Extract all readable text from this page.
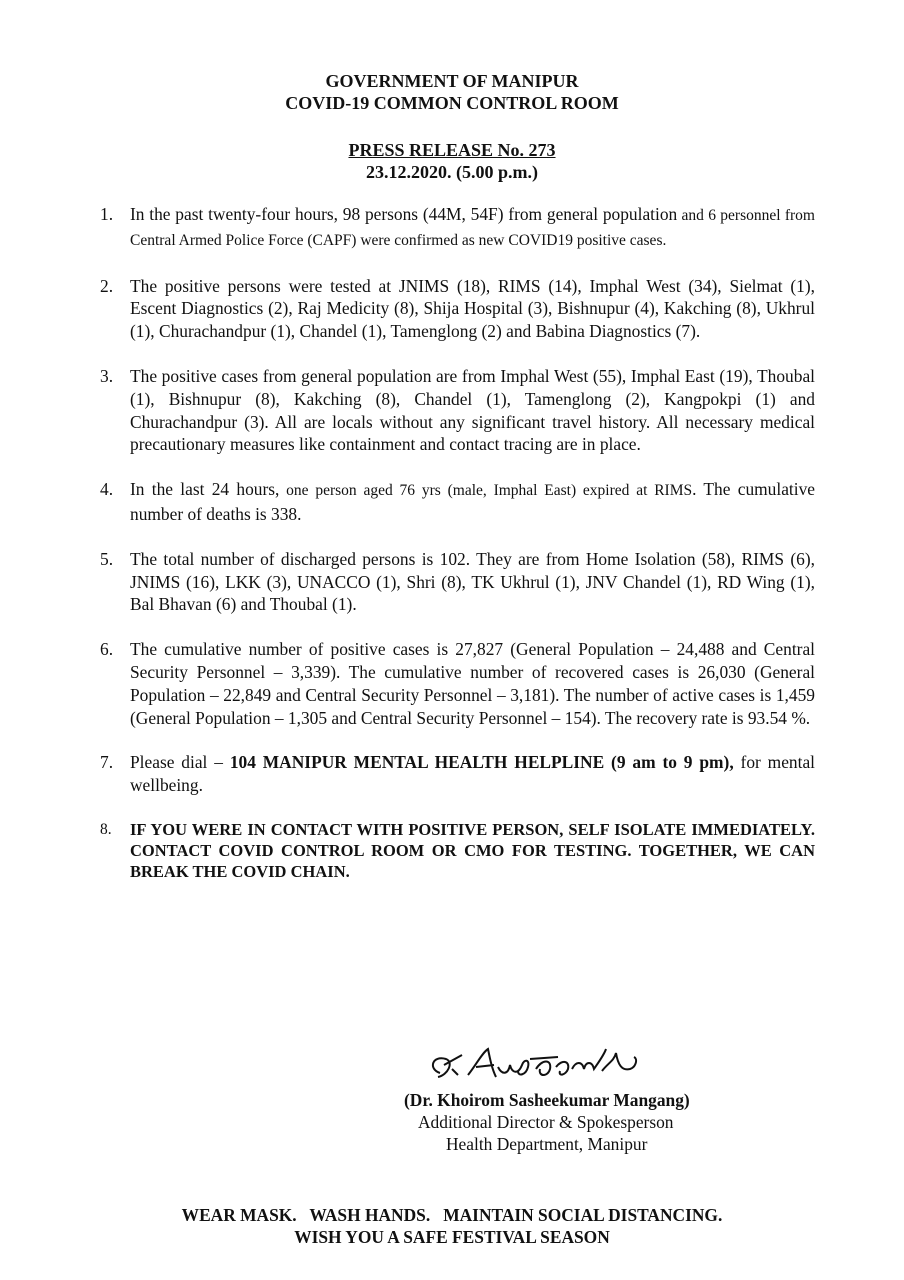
GOVERNMENT OF MANIPUR
COVID-19 COMMON CONTROL ROOM
PRESS RELEASE No. 273
23.12.2020. (5.00 p.m.)
1. In the past twenty-four hours, 98 persons (44M, 54F) from general population and 6 personnel from Central Armed Police Force (CAPF) were confirmed as new COVID19 positive cases.
2. The positive persons were tested at JNIMS (18), RIMS (14), Imphal West (34), Sielmat (1), Escent Diagnostics (2), Raj Medicity (8), Shija Hospital (3), Bishnupur (4), Kakching (8), Ukhrul (1), Churachandpur (1), Chandel (1), Tamenglong (2) and Babina Diagnostics (7).
3. The positive cases from general population are from Imphal West (55), Imphal East (19), Thoubal (1), Bishnupur (8), Kakching (8), Chandel (1), Tamenglong (2), Kangpokpi (1) and Churachandpur (3). All are locals without any significant travel history. All necessary medical precautionary measures like containment and contact tracing are in place.
4. In the last 24 hours, one person aged 76 yrs (male, Imphal East) expired at RIMS. The cumulative number of deaths is 338.
5. The total number of discharged persons is 102. They are from Home Isolation (58), RIMS (6), JNIMS (16), LKK (3), UNACCO (1), Shri (8), TK Ukhrul (1), JNV Chandel (1), RD Wing (1), Bal Bhavan (6) and Thoubal (1).
6. The cumulative number of positive cases is 27,827 (General Population – 24,488 and Central Security Personnel – 3,339). The cumulative number of recovered cases is 26,030 (General Population – 22,849 and Central Security Personnel – 3,181). The number of active cases is 1,459 (General Population – 1,305 and Central Security Personnel – 154). The recovery rate is 93.54 %.
7. Please dial – 104 MANIPUR MENTAL HEALTH HELPLINE (9 am to 9 pm), for mental wellbeing.
8.	IF YOU WERE IN CONTACT WITH POSITIVE PERSON, SELF ISOLATE IMMEDIATELY. CONTACT COVID CONTROL ROOM OR CMO FOR TESTING. TOGETHER, WE CAN BREAK THE COVID CHAIN.
(Dr. Khoirom Sasheekumar Mangang)
Additional Director & Spokesperson
Health Department, Manipur
WEAR MASK.   WASH HANDS.   MAINTAIN SOCIAL DISTANCING.
WISH YOU A SAFE FESTIVAL SEASON
